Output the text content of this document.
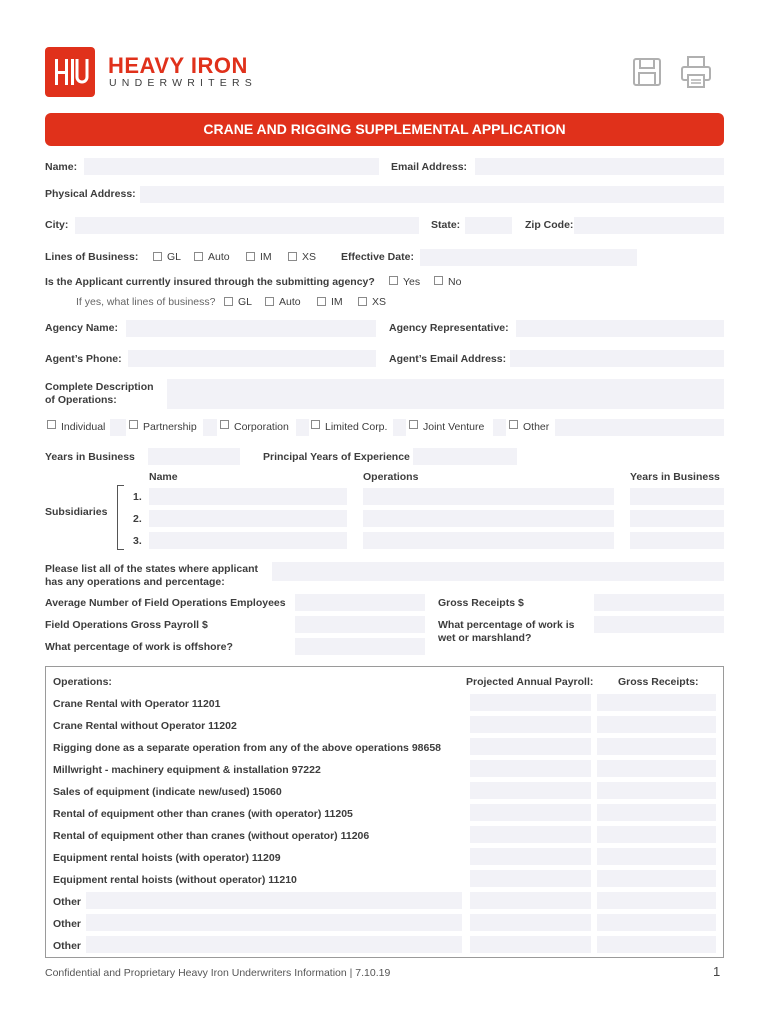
HEAVY IRON
UNDERWRITERS
CRANE AND RIGGING SUPPLEMENTAL APPLICATION
Name:	Email Address:
Physical Address:
City:	State:	Zip Code:
Lines of Business:	GL	Auto	IM	XS Effective Date:
Is the Applicant currently insured through the submitting agency?	Yes	No
If yes, what lines of business? GL	Auto	IM	XS
Agency Name:	Agency Representative:
Agent’s Phone:	Agent’s Email Address:
Complete Description
of Operations:
Individual	Partnership	Corporation	Limited Corp.	Joint Venture	Other
Years in Business	Principal Years of Experience
Name	Operations	Years in Business
Subsidiaries
1.
2.
3.
Please list all of the states where applicant
has any operations and percentage:
Average Number of Field Operations Employees	Gross Receipts $
Field Operations Gross Payroll $	What percentage of work is
wet or marshland?
What percentage of work is offshore?
Operations:	Projected Annual Payroll: Gross Receipts:
Crane Rental with Operator 11201
Crane Rental without Operator 11202
Rigging done as a separate operation from any of the above operations 98658
Millwright - machinery equipment & installation 97222
Sales of equipment (indicate new/used) 15060
Rental of equipment other than cranes (with operator) 11205
Rental of equipment other than cranes (without operator) 11206
Equipment rental hoists (with operator) 11209
Equipment rental hoists (without operator) 11210
Other
Other
Other
Confidential and Proprietary Heavy Iron Underwriters Information | 7.10.19	1
